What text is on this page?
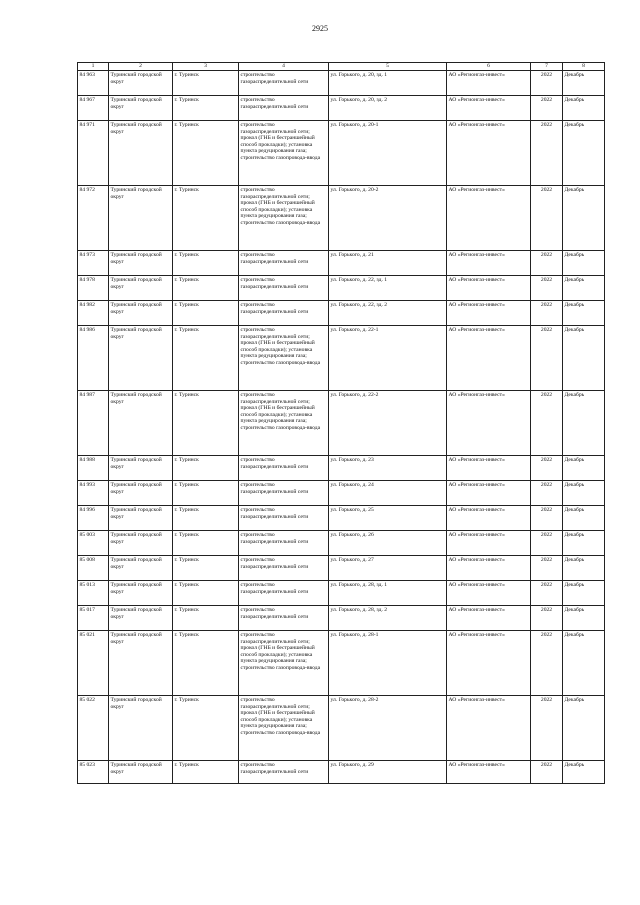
2925
1	2	3	4	5	6	7	8
84 963	Туринский городской округ	г. Туринск	строительство газораспределительной сети	ул. Горького, д. 20, зд. 1	АО «Регионгаз-инвест»	2022	Декабрь
84 967	Туринский городской округ	г. Туринск	строительство газораспределительной сети	ул. Горького, д. 20, зд. 2	АО «Регионгаз-инвест»	2022	Декабрь
84 971	Туринский городской округ	г. Туринск	строительство газораспределительной сети; прокол (ГНБ и бестраншейный способ прокладки); установка пункта редуцирования газа; строительство газопровода-ввода	ул. Горького, д. 20-1	АО «Регионгаз-инвест»	2022	Декабрь
84 972	Туринский городской округ	г. Туринск	строительство газораспределительной сети; прокол (ГНБ и бестраншейный способ прокладки); установка пункта редуцирования газа; строительство газопровода-ввода	ул. Горького, д. 20-2	АО «Регионгаз-инвест»	2022	Декабрь
84 973	Туринский городской округ	г. Туринск	строительство газораспределительной сети	ул. Горького, д. 21	АО «Регионгаз-инвест»	2022	Декабрь
84 978	Туринский городской округ	г. Туринск	строительство газораспределительной сети	ул. Горького, д. 22, зд. 1	АО «Регионгаз-инвест»	2022	Декабрь
84 982	Туринский городской округ	г. Туринск	строительство газораспределительной сети	ул. Горького, д. 22, зд. 2	АО «Регионгаз-инвест»	2022	Декабрь
84 986	Туринский городской округ	г. Туринск	строительство газораспределительной сети; прокол (ГНБ и бестраншейный способ прокладки); установка пункта редуцирования газа; строительство газопровода-ввода	ул. Горького, д. 22-1	АО «Регионгаз-инвест»	2022	Декабрь
84 987	Туринский городской округ	г. Туринск	строительство газораспределительной сети; прокол (ГНБ и бестраншейный способ прокладки); установка пункта редуцирования газа; строительство газопровода-ввода	ул. Горького, д. 22-2	АО «Регионгаз-инвест»	2022	Декабрь
84 988	Туринский городской округ	г. Туринск	строительство газораспределительной сети	ул. Горького, д. 23	АО «Регионгаз-инвест»	2022	Декабрь
84 993	Туринский городской округ	г. Туринск	строительство газораспределительной сети	ул. Горького, д. 24	АО «Регионгаз-инвест»	2022	Декабрь
84 996	Туринский городской округ	г. Туринск	строительство газораспределительной сети	ул. Горького, д. 25	АО «Регионгаз-инвест»	2022	Декабрь
85 003	Туринский городской округ	г. Туринск	строительство газораспределительной сети	ул. Горького, д. 26	АО «Регионгаз-инвест»	2022	Декабрь
85 008	Туринский городской округ	г. Туринск	строительство газораспределительной сети	ул. Горького, д. 27	АО «Регионгаз-инвест»	2022	Декабрь
85 013	Туринский городской округ	г. Туринск	строительство газораспределительной сети	ул. Горького, д. 28, зд. 1	АО «Регионгаз-инвест»	2022	Декабрь
85 017	Туринский городской округ	г. Туринск	строительство газораспределительной сети	ул. Горького, д. 28, зд. 2	АО «Регионгаз-инвест»	2022	Декабрь
85 021	Туринский городской округ	г. Туринск	строительство газораспределительной сети; прокол (ГНБ и бестраншейный способ прокладки); установка пункта редуцирования газа; строительство газопровода-ввода	ул. Горького, д. 28-1	АО «Регионгаз-инвест»	2022	Декабрь
85 022	Туринский городской округ	г. Туринск	строительство газораспределительной сети; прокол (ГНБ и бестраншейный способ прокладки); установка пункта редуцирования газа; строительство газопровода-ввода	ул. Горького, д. 28-2	АО «Регионгаз-инвест»	2022	Декабрь
85 023	Туринский городской округ	г. Туринск	строительство газораспределительной сети	ул. Горького, д. 29	АО «Регионгаз-инвест»	2022	Декабрь
